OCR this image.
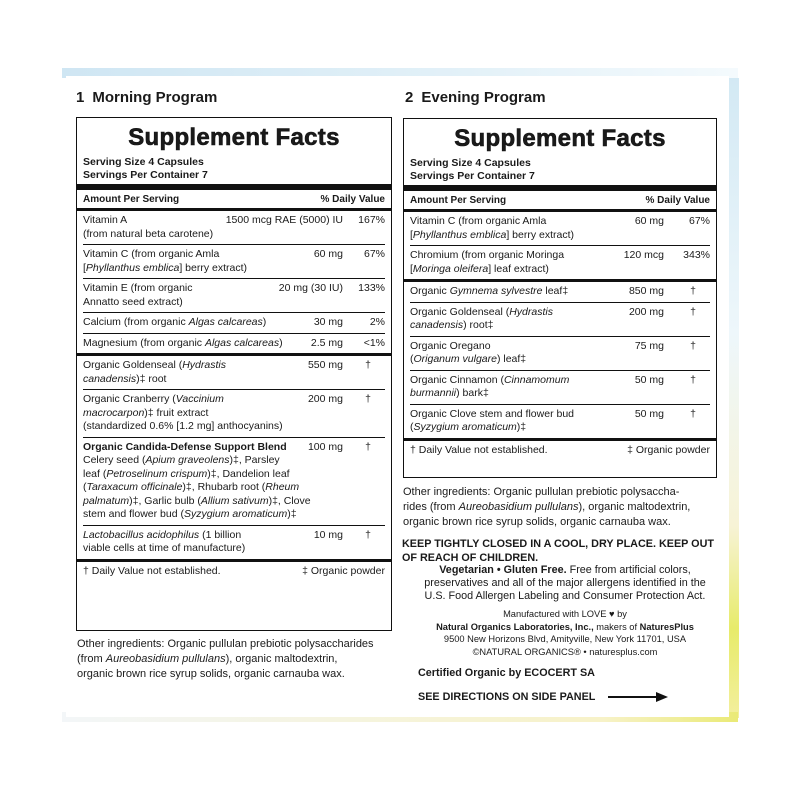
1 Morning Program	2 Evening Program
Supplement Facts
Serving Size 4 Capsules
Servings Per Container 7
Amount Per Serving	% Daily Value
Vitamin A
(from natural beta carotene)
1500 mcg RAE (5000) IU	167%
Vitamin C (from organic Amla
[Phyllanthus emblica] berry extract)
60 mg	67%
Vitamin E (from organic
Annatto seed extract)
20 mg (30 IU)	133%
Calcium (from organic Algas calcareas)	30 mg	2%
Magnesium (from organic Algas calcareas)	2.5 mg	<1%
Organic Goldenseal (Hydrastis
canadensis)‡ root
550 mg	†
Organic Cranberry (Vaccinium
macrocarpon)‡ fruit extract
(standardized 0.6% [1.2 mg] anthocyanins)
200 mg	†
Organic Candida-Defense Support Blend
Celery seed (Apium graveolens)‡, Parsley
leaf (Petroselinum crispum)‡, Dandelion leaf
(Taraxacum officinale)‡, Rhubarb root (Rheum
palmatum)‡, Garlic bulb (Allium sativum)‡, Clove
stem and flower bud (Syzygium aromaticum)‡
100 mg	†
Lactobacillus acidophilus (1 billion
viable cells at time of manufacture)
10 mg	†
† Daily Value not established.	‡ Organic powder
Supplement Facts
Serving Size 4 Capsules
Servings Per Container 7
Amount Per Serving	% Daily Value
Vitamin C (from organic Amla
[Phyllanthus emblica] berry extract)
60 mg	67%
Chromium (from organic Moringa
[Moringa oleifera] leaf extract)
120 mcg	343%
Organic Gymnema sylvestre leaf‡	850 mg	†
Organic Goldenseal (Hydrastis
canadensis) root‡
200 mg	†
Organic Oregano
(Origanum vulgare) leaf‡
75 mg	†
Organic Cinnamon (Cinnamomum
burmannii) bark‡
50 mg	†
Organic Clove stem and flower bud
(Syzygium aromaticum)‡
50 mg	†
† Daily Value not established.	‡ Organic powder
Other ingredients: Organic pullulan prebiotic polysaccharides
(from Aureobasidium pullulans), organic maltodextrin,
organic brown rice syrup solids, organic carnauba wax.
Other ingredients: Organic pullulan prebiotic polysaccha-
rides (from Aureobasidium pullulans), organic maltodextrin,
organic brown rice syrup solids, organic carnauba wax.
KEEP TIGHTLY CLOSED IN A COOL, DRY PLACE. KEEP OUT OF REACH OF CHILDREN.
Vegetarian • Gluten Free. Free from artificial colors,
preservatives and all of the major allergens identified in the
U.S. Food Allergen Labeling and Consumer Protection Act.
Manufactured with LOVE ♥ by
Natural Organics Laboratories, Inc., makers of NaturesPlus
9500 New Horizons Blvd, Amityville, New York 11701, USA
©NATURAL ORGANICS® • naturesplus.com
Certified Organic by ECOCERT SA
SEE DIRECTIONS ON SIDE PANEL
